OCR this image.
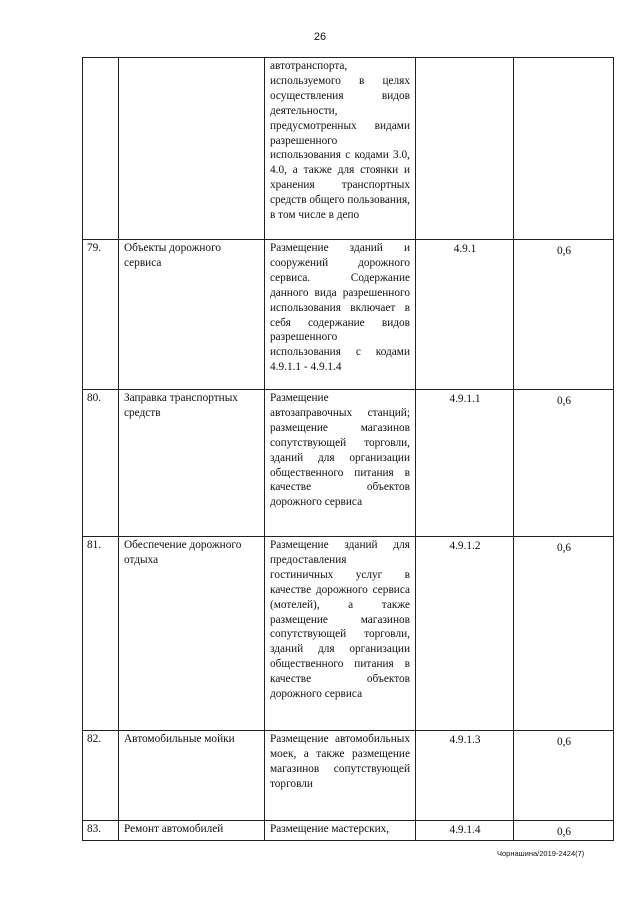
26
		автотранспорта, используемого в целях осуществления видов деятельности, предусмотренных видами разрешенного использования с кодами 3.0, 4.0, а также для стоянки и хранения транспортных средств общего пользования, в том числе в депо		
79.	Объекты дорожного сервиса	Размещение зданий и сооружений дорожного сервиса. Содержание данного вида разрешенного использования включает в себя содержание видов разрешенного использования с кодами 4.9.1.1 - 4.9.1.4	4.9.1	0,6
80.	Заправка транспортных средств	Размещение автозаправочных станций; размещение магазинов сопутствующей торговли, зданий для организации общественного питания в качестве объектов дорожного сервиса	4.9.1.1	0,6
81.	Обеспечение дорожного отдыха	Размещение зданий для предоставления гостиничных услуг в качестве дорожного сервиса (мотелей), а также размещение магазинов сопутствующей торговли, зданий для организации общественного питания в качестве объектов дорожного сервиса	4.9.1.2	0,6
82.	Автомобильные мойки	Размещение автомобильных моек, а также размещение магазинов сопутствующей торговли	4.9.1.3	0,6
83.	Ремонт автомобилей	Размещение мастерских,	4.9.1.4	0,6
Чорнашина/2019-2424(7)
